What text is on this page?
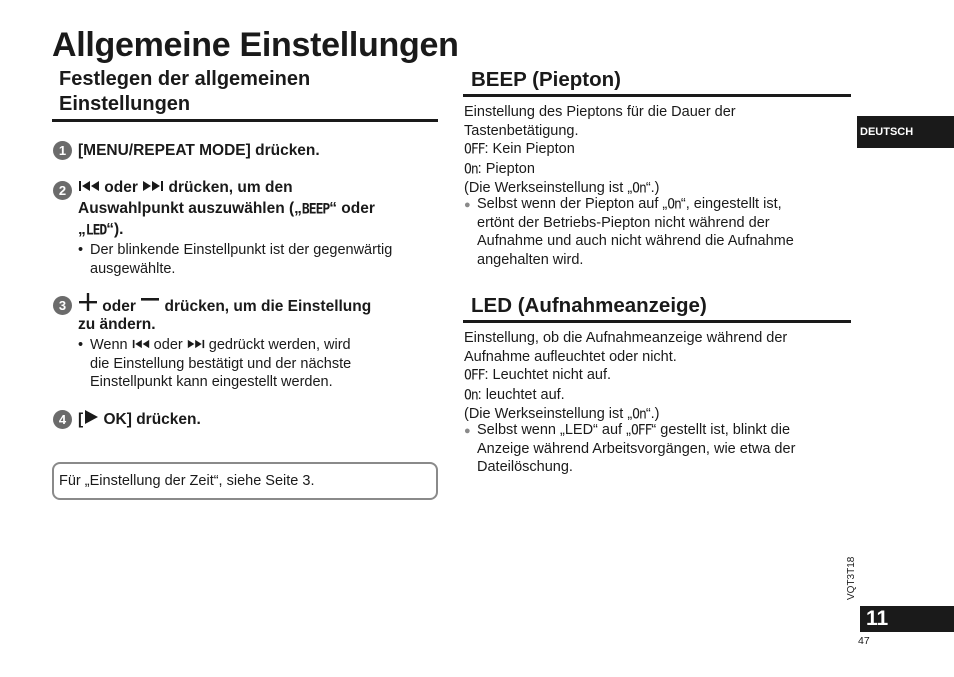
Allgemeine Einstellungen
Festlegen der allgemeinen
Einstellungen
1 [MENU/REPEAT MODE] drücken.
2	oder  drücken, um den
Auswahlpunkt auszuwählen („BEEP“ oder
„LED“).
• Der blinkende Einstellpunkt ist der gegenwärtig
ausgewählte.
3	oder  drücken, um die Einstellung
zu ändern.
• Wenn  oder  gedrückt werden, wird
die Einstellung bestätigt und der nächste
Einstellpunkt kann eingestellt werden.
4 [ OK] drücken.
Für „Einstellung der Zeit“, siehe Seite 3.
BEEP (Piepton)
Einstellung des Pieptons für die Dauer der
Tastenbetätigung.
OFF: Kein Piepton
On: Piepton
(Die Werkseinstellung ist „On“.)
● Selbst wenn der Piepton auf „On“, eingestellt ist,
ertönt der Betriebs-Piepton nicht während der
Aufnahme und auch nicht während die Aufnahme
angehalten wird.
LED (Aufnahmeanzeige)
Einstellung, ob die Aufnahmeanzeige während der
Aufnahme aufleuchtet oder nicht.
OFF: Leuchtet nicht auf.
On: leuchtet auf.
(Die Werkseinstellung ist „On“.)
● Selbst wenn „LED“ auf „OFF“ gestellt ist, blinkt die
Anzeige während Arbeitsvorgängen, wie etwa der
Dateilöschung.
DEUTSCH
VQT3T18
11
47
